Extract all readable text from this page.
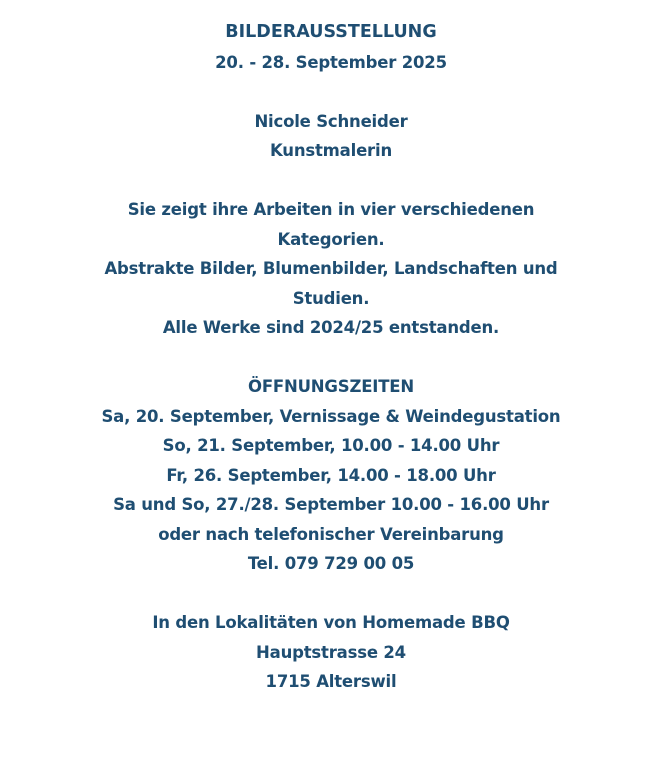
BILDERAUSSTELLUNG
20. - 28. September 2025
Nicole Schneider
Kunstmalerin
Sie zeigt ihre Arbeiten in vier verschiedenen
Kategorien.
Abstrakte Bilder, Blumenbilder, Landschaften und
Studien.
Alle Werke sind 2024/25 entstanden.
ÖFFNUNGSZEITEN
Sa, 20. September, Vernissage & Weindegustation
So, 21. September, 10.00 - 14.00 Uhr
Fr, 26. September, 14.00 - 18.00 Uhr
Sa und So, 27./28. September 10.00 - 16.00 Uhr
oder nach telefonischer Vereinbarung
Tel. 079 729 00 05
In den Lokalitäten von Homemade BBQ
Hauptstrasse 24
1715 Alterswil
